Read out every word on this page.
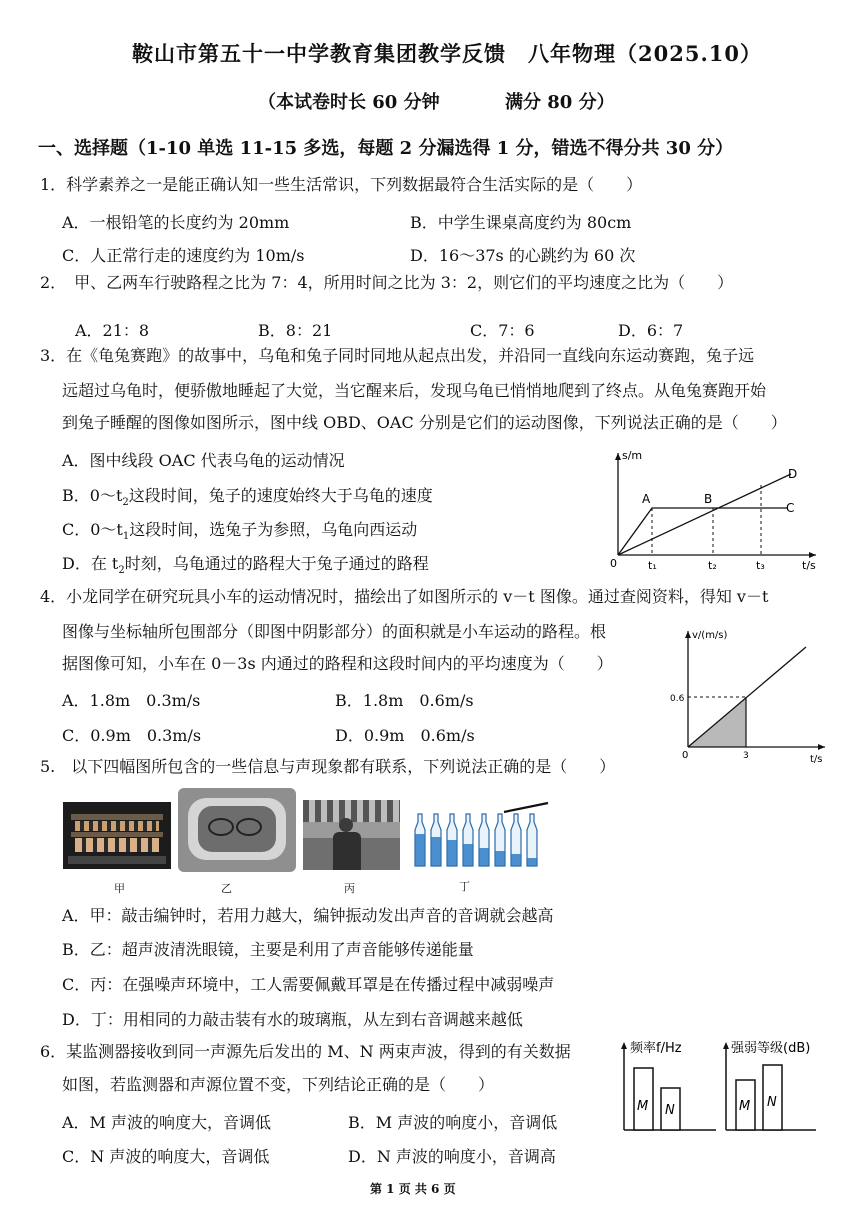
鞍山市第五十一中学教育集团教学反馈　八年物理（2025.10）
（本试卷时长 60 分钟	满分 80 分）
一、选择题（1-10 单选 11-15 多选，每题 2 分漏选得 1 分，错选不得分共 30 分）
1．科学素养之一是能正确认知一些生活常识，下列数据最符合生活实际的是（　　）
A．一根铅笔的长度约为 20mm	B．中学生课桌高度约为 80cm
C．人正常行走的速度约为 10m/s	D．16～37s 的心跳约为 60 次
2．　甲、乙两车行驶路程之比为 7：4，所用时间之比为 3：2，则它们的平均速度之比为（　　）
A．21：8	B．8：21	C．7：6	D．6：7
3．在《龟兔赛跑》的故事中，乌龟和兔子同时同地从起点出发，并沿同一直线向东运动赛跑，兔子远
远超过乌龟时，便骄傲地睡起了大觉，当它醒来后，发现乌龟已悄悄地爬到了终点。从龟兔赛跑开始
到兔子睡醒的图像如图所示，图中线 OBD、OAC 分别是它们的运动图像，下列说法正确的是（　　）
A．图中线段 OAC 代表乌龟的运动情况
B．$0\sim t_2$这段时间，兔子的速度始终大于乌龟的速度
C．$0\sim t_1$这段时间，选兔子为参照，乌龟向西运动
D．在 $t_2$时刻，乌龟通过的路程大于兔子通过的路程
s/m
t/s
0
A	B
C
D
t₁	t₂	t₃
4．小龙同学在研究玩具小车的运动情况时，描绘出了如图所示的 v－t 图像。通过查阅资料，得知 v－t
图像与坐标轴所包围部分（即图中阴影部分）的面积就是小车运动的路程。根
据图像可知，小车在 0－3s 内通过的路程和这段时间内的平均速度为（　　）
A．1.8m　0.3m/s	B．1.8m　0.6m/s
C．0.9m　0.3m/s	D．0.9m　0.6m/s
v/(m/s)
t/s
0
0.6
3
5.　以下四幅图所包含的一些信息与声现象都有联系，下列说法正确的是（　　）
甲	乙	丙	丁
A．甲：敲击编钟时，若用力越大，编钟振动发出声音的音调就会越高
B．乙：超声波清洗眼镜，主要是利用了声音能够传递能量
C．丙：在强噪声环境中，工人需要佩戴耳罩是在传播过程中减弱噪声
D．丁：用相同的力敲击装有水的玻璃瓶，从左到右音调越来越低
6．某监测器接收到同一声源先后发出的 M、N 两束声波，得到的有关数据
如图，若监测器和声源位置不变，下列结论正确的是（　　）
A．M 声波的响度大，音调低	B．M 声波的响度小，音调低
C．N 声波的响度大，音调低	D．N 声波的响度小，音调高
频率f/Hz
M N
强弱等级(dB)
M N
第 1 页 共 6 页
